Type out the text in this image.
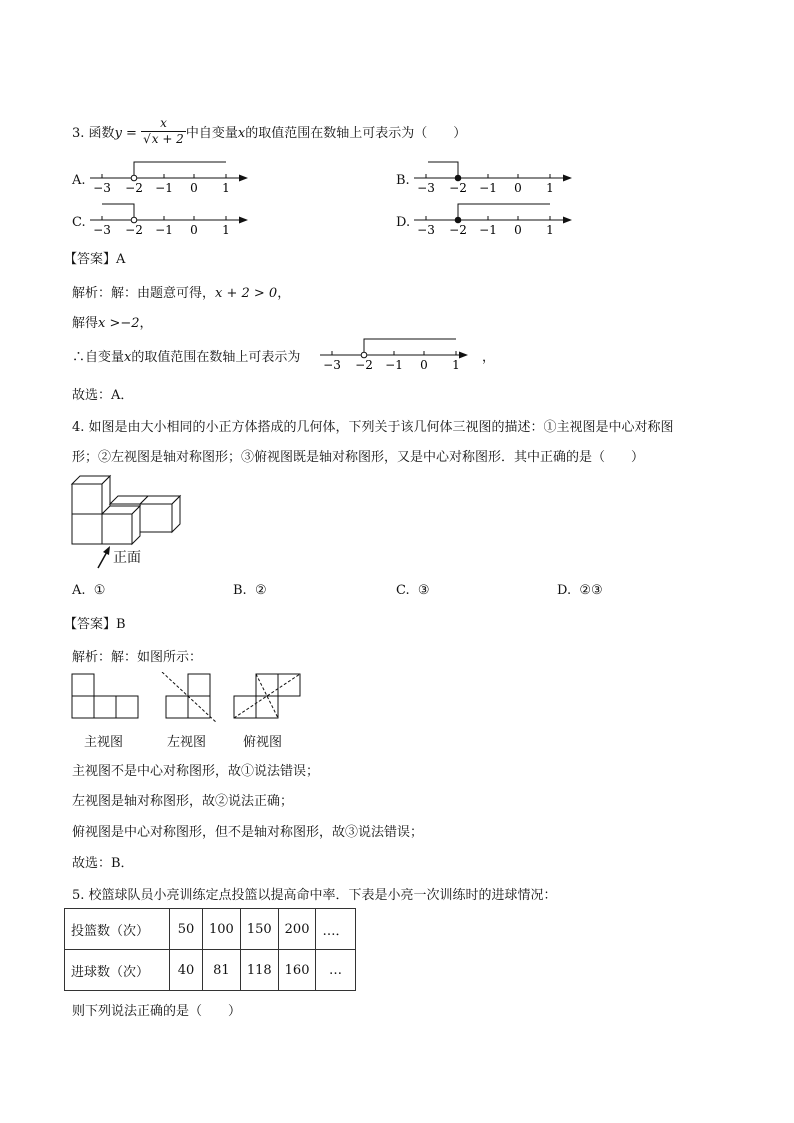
3. 函数$y = \frac{x}{√x + 2}$ 中自变量x的取值范围在数轴上可表示为（　　）
A.	B.
C.	D.
−3 −2 −1 0 1	−3 −2 −1 0 1
−3 −2 −1 0 1	−3 −2 −1 0 1
【答案】A
解析：解：由题意可得，x + 2 > 0，
解得x >−2，
∴自变量x的取值范围在数轴上可表示为 −3 −2 −1 0 1 ，
故选：A．
4. 如图是由大小相同的小正方体搭成的几何体，下列关于该几何体三视图的描述：①主视图是中心对称图
形；②左视图是轴对称图形；③俯视图既是轴对称图形，又是中心对称图形．其中正确的是（　　）
正面
A. ①	B. ②	C. ③	D. ②③
【答案】B
解析：解：如图所示：
主视图	左视图	俯视图
主视图不是中心对称图形，故①说法错误；
左视图是轴对称图形，故②说法正确；
俯视图是中心对称图形，但不是轴对称图形，故③说法错误；
故选：B．
5. 校篮球队员小亮训练定点投篮以提高命中率．下表是小亮一次训练时的进球情况：
投篮数（次）	50	100	150	200	…．
进球数（次）	40	81	118	160	…
则下列说法正确的是（　　）
